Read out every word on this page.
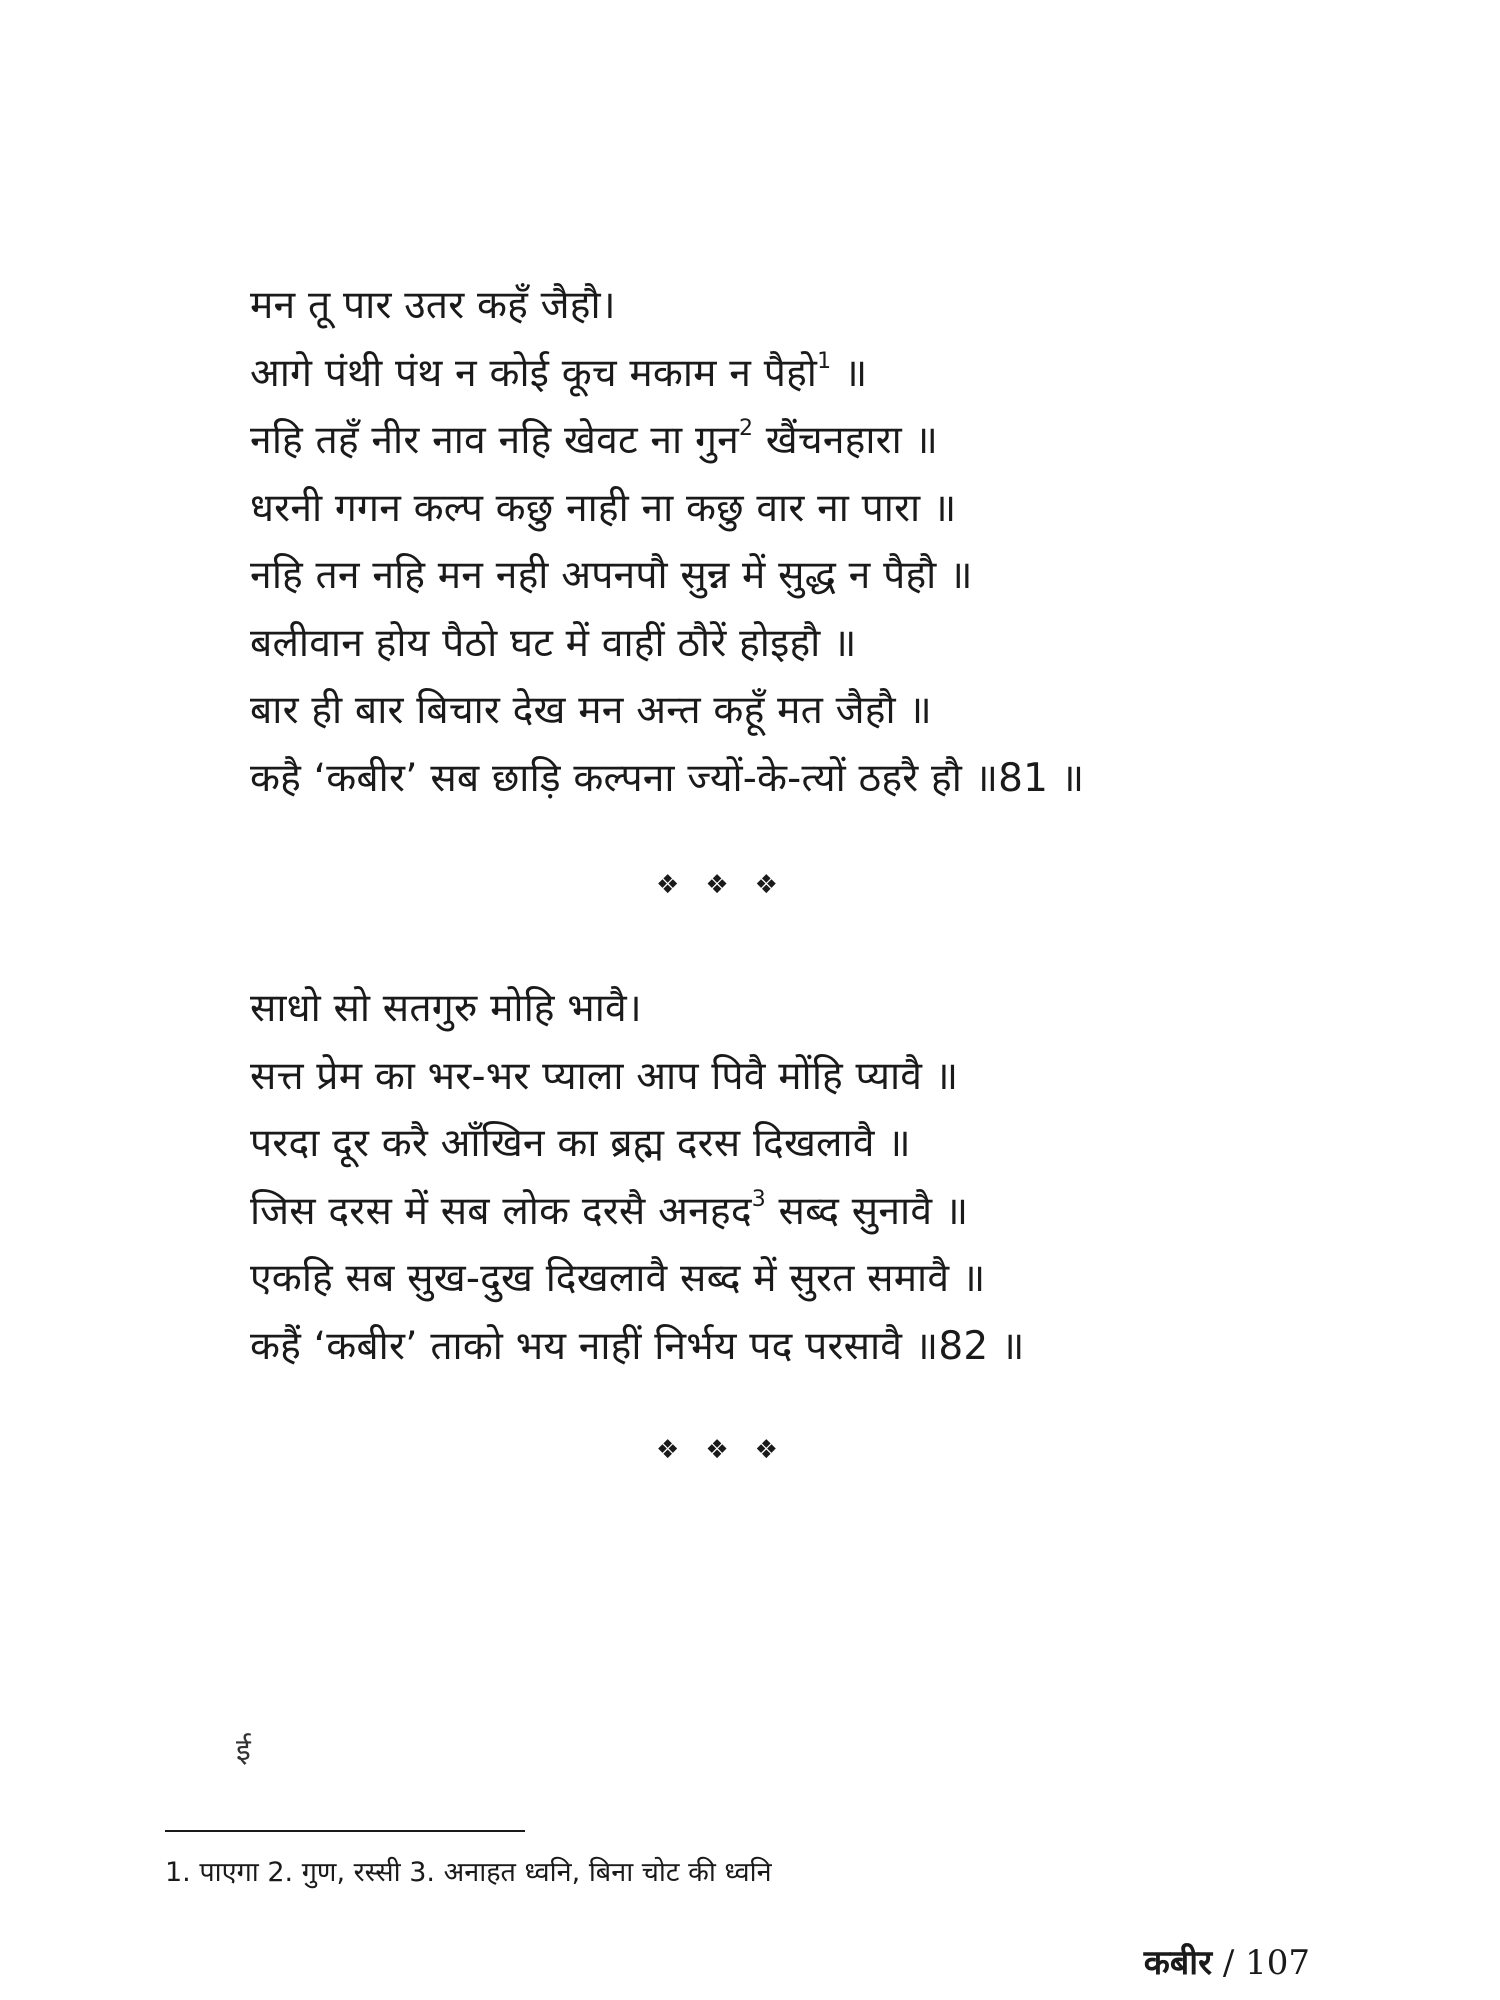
मन तू पार उतर कहँ जैहौ।
आगे पंथी पंथ न कोई कूच मकाम न पैहो$^1$ ॥
नहि तहँ नीर नाव नहि खेवट ना गुन$^2$ खैंचनहारा ॥
धरनी गगन कल्प कछु नाही ना कछु वार ना पारा ॥
नहि तन नहि मन नही अपनपौ सुन्न में सुद्ध न पैहौ ॥
बलीवान होय पैठो घट में वाहीं ठौरें होइहौ ॥
बार ही बार बिचार देख मन अन्त कहूँ मत जैहौ ॥
कहै ‘कबीर’ सब छाड़ि कल्पना ज्यों-के-त्यों ठहरै हौ ॥81 ॥
❖❖❖
साधो सो सतगुरु मोहि भावै।
सत्त प्रेम का भर-भर प्याला आप पिवै मोंहि प्यावै ॥
परदा दूर करै आँखिन का ब्रह्म दरस दिखलावै ॥
जिस दरस में सब लोक दरसै अनहद$^3$ सब्द सुनावै ॥
एकहि सब सुख-दुख दिखलावै सब्द में सुरत समावै ॥
कहैं ‘कबीर’ ताको भय नाहीं निर्भय पद परसावै ॥82 ॥
❖❖❖
ई
1. पाएगा 2. गुण, रस्सी 3. अनाहत ध्वनि, बिना चोट की ध्वनि
कबीर / 107
